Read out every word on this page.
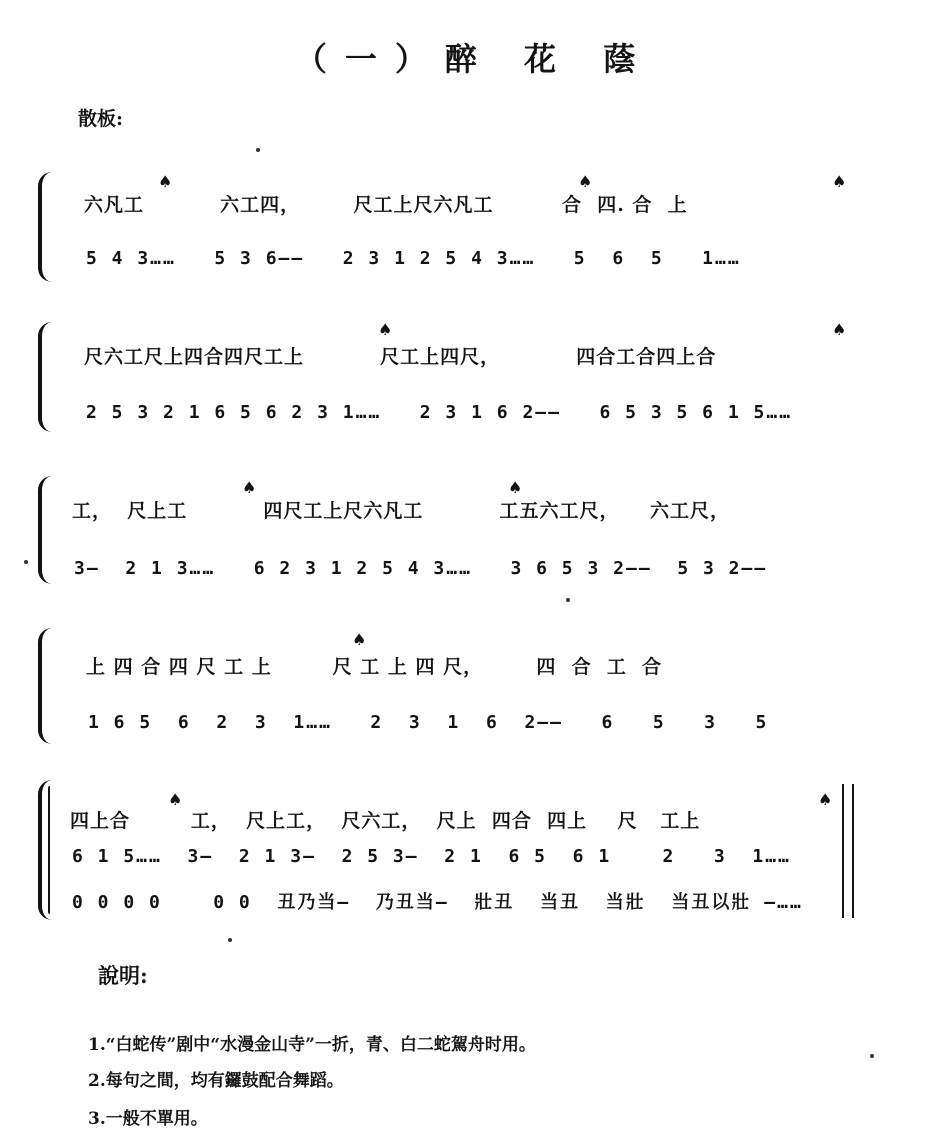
（一）醉 花 蔭
散板:
六凡工          六工四，       尺工上尺六凡工         合  四. 合  上
5 4 3……   5 3 6——   2 3 1 2 5 4 3……   5  6  5   1……
♠	♠	♠
尺六工尺上四合四尺工上          尺工上四尺，          四合工合四上合
2 5 3 2 1 6 5 6 2 3 1……   2 3 1 6 2——   6 5 3 5 6 1 5……
♠	♠
工，  尺上工          四尺工上尺六凡工          工五六工尺，    六工尺，
3—  2 1 3……   6 2 3 1 2 5 4 3……   3 6 5 3 2——  5 3 2——
♠	♠
上 四 合 四 尺 工 上        尺 工 上 四 尺，       四  合  工  合
1 6 5  6  2  3  1……   2  3  1  6  2——   6   5   3   5
♠
四上合        工，  尺上工，  尺六工，  尺上  四合  四上    尺   工上
6 1 5……  3—  2 1 3—  2 5 3—  2 1  6 5  6 1    2   3  1……
0 0 0 0    0 0  丑乃当—  乃丑当—  壯丑  当丑  当壯  当丑以壯 —……
♠	♠
說明:
1.“白蛇传”剧中“水漫金山寺”一折，青、白二蛇駕舟时用。
2.每句之間，均有鑼鼓配合舞蹈。
3.一般不單用。
